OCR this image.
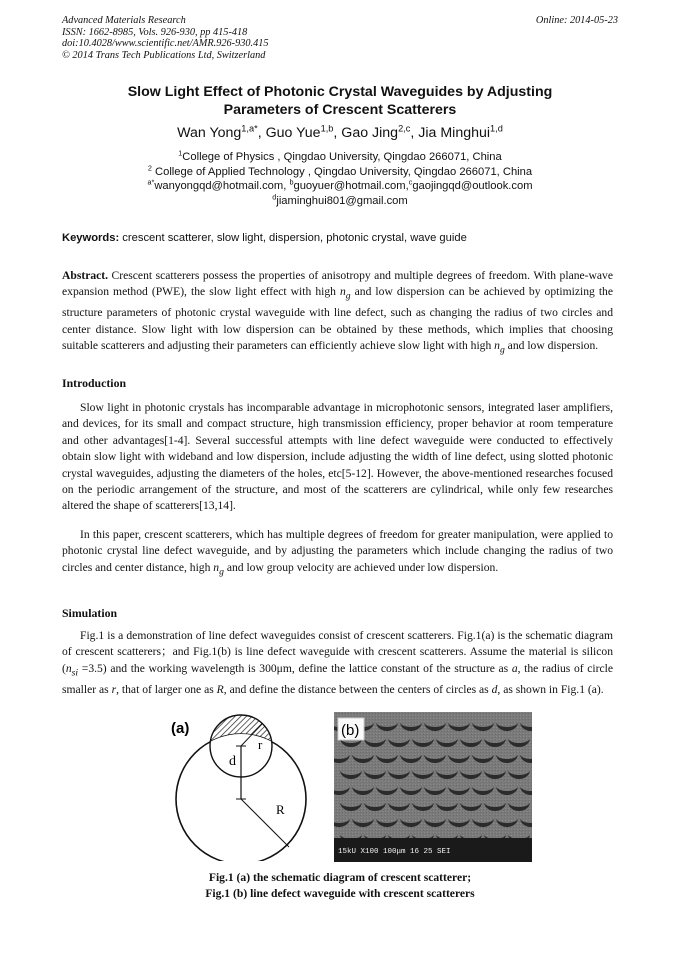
Advanced Materials Research
ISSN: 1662-8985, Vols. 926-930, pp 415-418
doi:10.4028/www.scientific.net/AMR.926-930.415
© 2014 Trans Tech Publications Ltd, Switzerland
Online: 2014-05-23
Slow Light Effect of Photonic Crystal Waveguides by Adjusting
Parameters of Crescent Scatterers
Wan Yong$^{1,a*}$, Guo Yue$^{1,b}$, Gao Jing$^{2,c}$, Jia Minghui$^{1,d}$
$^1$College of Physics , Qingdao University, Qingdao 266071, China
$^2$ College of Applied Technology , Qingdao University, Qingdao 266071, China
$^{a*}$wanyongqd@hotmail.com, $^b$guoyuer@hotmail.com,$^c$gaojingqd@outlook.com
$^d$jiaminghui801@gmail.com
Keywords: crescent scatterer, slow light, dispersion, photonic crystal, wave guide
Abstract. Crescent scatterers possess the properties of anisotropy and multiple degrees of freedom. With plane-wave expansion method (PWE), the slow light effect with high $n_g$ and low dispersion can be achieved by optimizing the structure parameters of photonic crystal waveguide with line defect, such as changing the radius of two circles and center distance. Slow light with low dispersion can be obtained by these methods, which implies that choosing suitable scatterers and adjusting their parameters can efficiently achieve slow light with high $n_g$ and low dispersion.
Introduction
Slow light in photonic crystals has incomparable advantage in microphotonic sensors, integrated laser amplifiers, and devices, for its small and compact structure, high transmission efficiency, proper behavior at room temperature and other advantages[1-4]. Several successful attempts with line defect waveguide were conducted to effectively obtain slow light with wideband and low dispersion, include adjusting the width of line defect, using slotted photonic crystal waveguides, adjusting the diameters of the holes, etc[5-12]. However, the above-mentioned researches focused on the periodic arrangement of the structure, and most of the scatterers are cylindrical, while only few researches altered the shape of scatterers[13,14].
In this paper, crescent scatterers, which has multiple degrees of freedom for greater manipulation, were applied to photonic crystal line defect waveguide, and by adjusting the parameters which include changing the radius of two circles and center distance, high $n_g$ and low group velocity are achieved under low dispersion.
Simulation
Fig.1 is a demonstration of line defect waveguides consist of crescent scatterers. Fig.1(a) is the schematic diagram of crescent scatterers；and Fig.1(b) is line defect waveguide with crescent scatterers. Assume the material is silicon $(n_{si} =3.5)$ and the working wavelength is 300μm, define the lattice constant of the structure as a, the radius of circle smaller as r, that of larger one as R, and define the distance between the centers of circles as d, as shown in Fig.1 (a).
(a)
d
r
R
15kU X100 100μm 16 25 SEI
(b)
Fig.1 (a) the schematic diagram of crescent scatterer;
Fig.1 (b) line defect waveguide with crescent scatterers
